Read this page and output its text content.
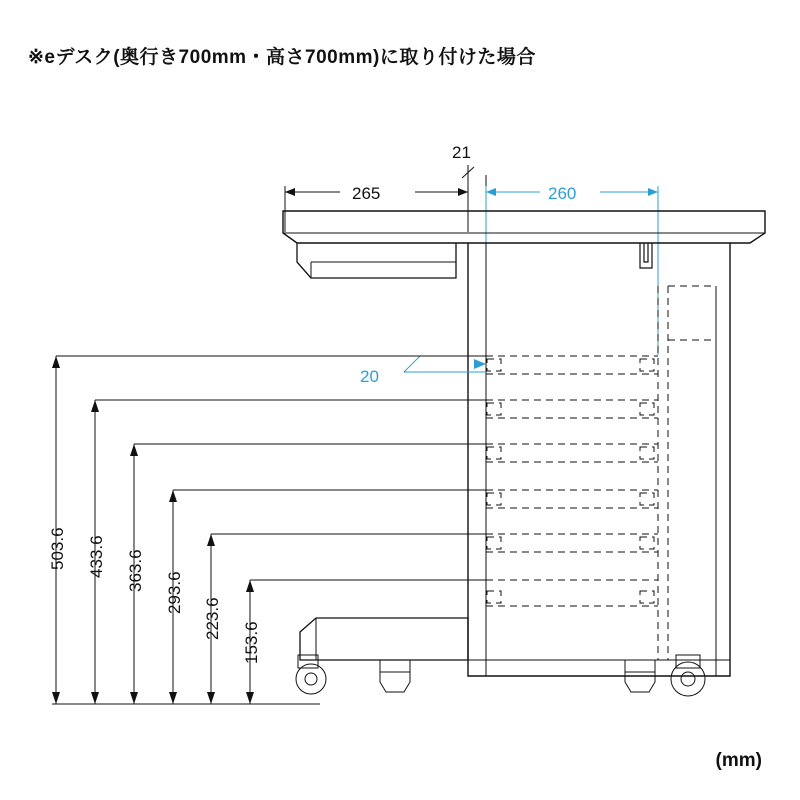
※eデスク(奥行き700mm・高さ700mm)に取り付けた場合
265
21
260
20
503.6 433.6 363.6
293.6
223.6
153.6
(mm)
